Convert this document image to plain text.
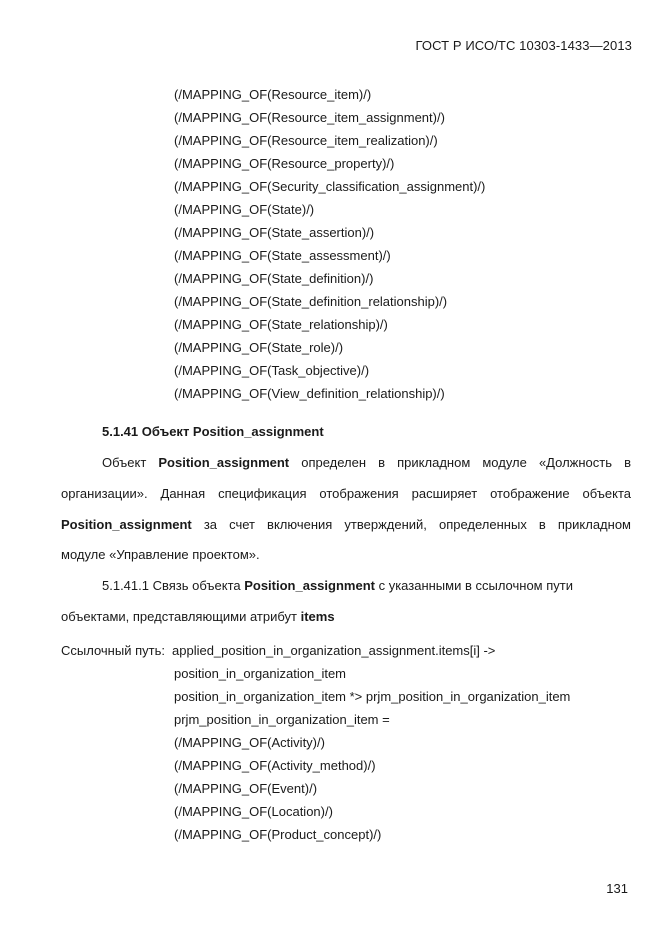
ГОСТ Р ИСО/ТС 10303-1433—2013
(/MAPPING_OF(Resource_item)/)
(/MAPPING_OF(Resource_item_assignment)/)
(/MAPPING_OF(Resource_item_realization)/)
(/MAPPING_OF(Resource_property)/)
(/MAPPING_OF(Security_classification_assignment)/)
(/MAPPING_OF(State)/)
(/MAPPING_OF(State_assertion)/)
(/MAPPING_OF(State_assessment)/)
(/MAPPING_OF(State_definition)/)
(/MAPPING_OF(State_definition_relationship)/)
(/MAPPING_OF(State_relationship)/)
(/MAPPING_OF(State_role)/)
(/MAPPING_OF(Task_objective)/)
(/MAPPING_OF(View_definition_relationship)/)
5.1.41 Объект Position_assignment
Объект Position_assignment определен в прикладном модуле «Должность в
организации». Данная спецификация отображения расширяет отображение объекта
Position_assignment за счет включения утверждений, определенных в прикладном
модуле «Управление проектом».
5.1.41.1 Связь объекта Position_assignment с указанными в ссылочном пути
объектами, представляющими атрибут items
Ссылочный путь: applied_position_in_organization_assignment.items[i] ->
position_in_organization_item
position_in_organization_item *> prjm_position_in_organization_item
prjm_position_in_organization_item =
(/MAPPING_OF(Activity)/)
(/MAPPING_OF(Activity_method)/)
(/MAPPING_OF(Event)/)
(/MAPPING_OF(Location)/)
(/MAPPING_OF(Product_concept)/)
131
